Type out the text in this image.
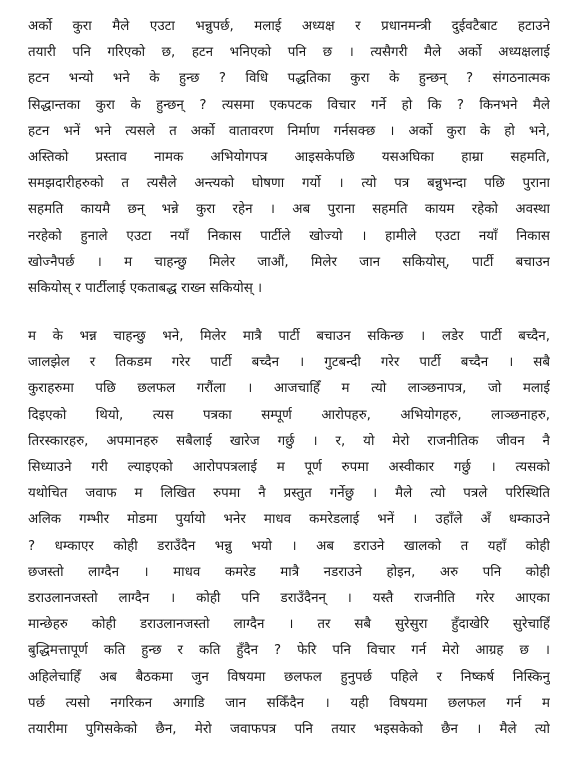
अर्को कुरा मैले एउटा भन्नुपर्छ, मलाई अध्यक्ष र प्रधानमन्त्री दुईवटैबाट हटाउने
तयारी पनि गरिएको छ, हटन भनिएको पनि छ । त्यसैगरी मैले अर्को अध्यक्षलाई
हटन भन्यो भने के हुन्छ ? विधि पद्धतिका कुरा के हुन्छन् ? संगठनात्मक
सिद्धान्तका कुरा के हुन्छन् ? त्यसमा एकपटक विचार गर्ने हो कि ? किनभने मैले
हटन भनें भने त्यसले त अर्को वातावरण निर्माण गर्नसक्छ । अर्को कुरा के हो भने,
अस्तिको प्रस्ताव नामक अभियोगपत्र आइसकेपछि यसअघिका हाम्रा सहमति,
समझदारीहरुको त त्यसैले अन्त्यको घोषणा गर्यो । त्यो पत्र बन्नुभन्दा पछि पुराना
सहमति कायमै छन् भन्ने कुरा रहेन । अब पुराना सहमति कायम रहेको अवस्था
नरहेको हुनाले एउटा नयाँ निकास पार्टीले खोज्यो । हामीले एउटा नयाँ निकास
खोज्नैपर्छ । म चाहन्छु मिलेर जाऔं, मिलेर जान सकियोस्, पार्टी बचाउन
सकियोस् र पार्टीलाई एकताबद्ध राख्न सकियोस् ।
म के भन्न चाहन्छु भने, मिलेर मात्रै पार्टी बचाउन सकिन्छ । लडेर पार्टी बच्दैन,
जालझेल र तिकडम गरेर पार्टी बच्दैन । गुटबन्दी गरेर पार्टी बच्दैन । सबै
कुराहरुमा पछि छलफल गरौंला । आजचाहिँ म त्यो लाञ्छनापत्र, जो मलाई
दिइएको थियो, त्यस पत्रका सम्पूर्ण आरोपहरु, अभियोगहरु, लाञ्छनाहरु,
तिरस्कारहरु, अपमानहरु सबैलाई खारेज गर्छु । र, यो मेरो राजनीतिक जीवन नै
सिध्याउने गरी ल्याइएको आरोपपत्रलाई म पूर्ण रुपमा अस्वीकार गर्छु । त्यसको
यथोचित जवाफ म लिखित रुपमा नै प्रस्तुत गर्नेछु । मैले त्यो पत्रले परिस्थिति
अलिक गम्भीर मोडमा पुर्यायो भनेर माधव कमरेडलाई भनें । उहाँले अँ धम्काउने
? धम्काएर कोही डराउँदैन भन्नु भयो । अब डराउने खालको त यहाँ कोही
छजस्तो लाग्दैन । माधव कमरेड मात्रै नडराउने होइन, अरु पनि कोही
डराउलानजस्तो लाग्दैन । कोही पनि डराउँदैनन् । यस्तै राजनीति गरेर आएका
मान्छेहरु कोही डराउलानजस्तो लाग्दैन । तर सबै सुरेसुरा हुँदाखेरि सुरेचाहिँ
बुद्धिमत्तापूर्ण कति हुन्छ र कति हुँदैन ? फेरि पनि विचार गर्न मेरो आग्रह छ ।
अहिलेचाहिँ अब बैठकमा जुन विषयमा छलफल हुनुपर्छ पहिले र निष्कर्ष निस्किनु
पर्छ त्यसो नगरिकन अगाडि जान सकिँदैन । यही विषयमा छलफल गर्न म
तयारीमा पुगिसकेको छैन, मेरो जवाफपत्र पनि तयार भइसकेको छैन । मैले त्यो
